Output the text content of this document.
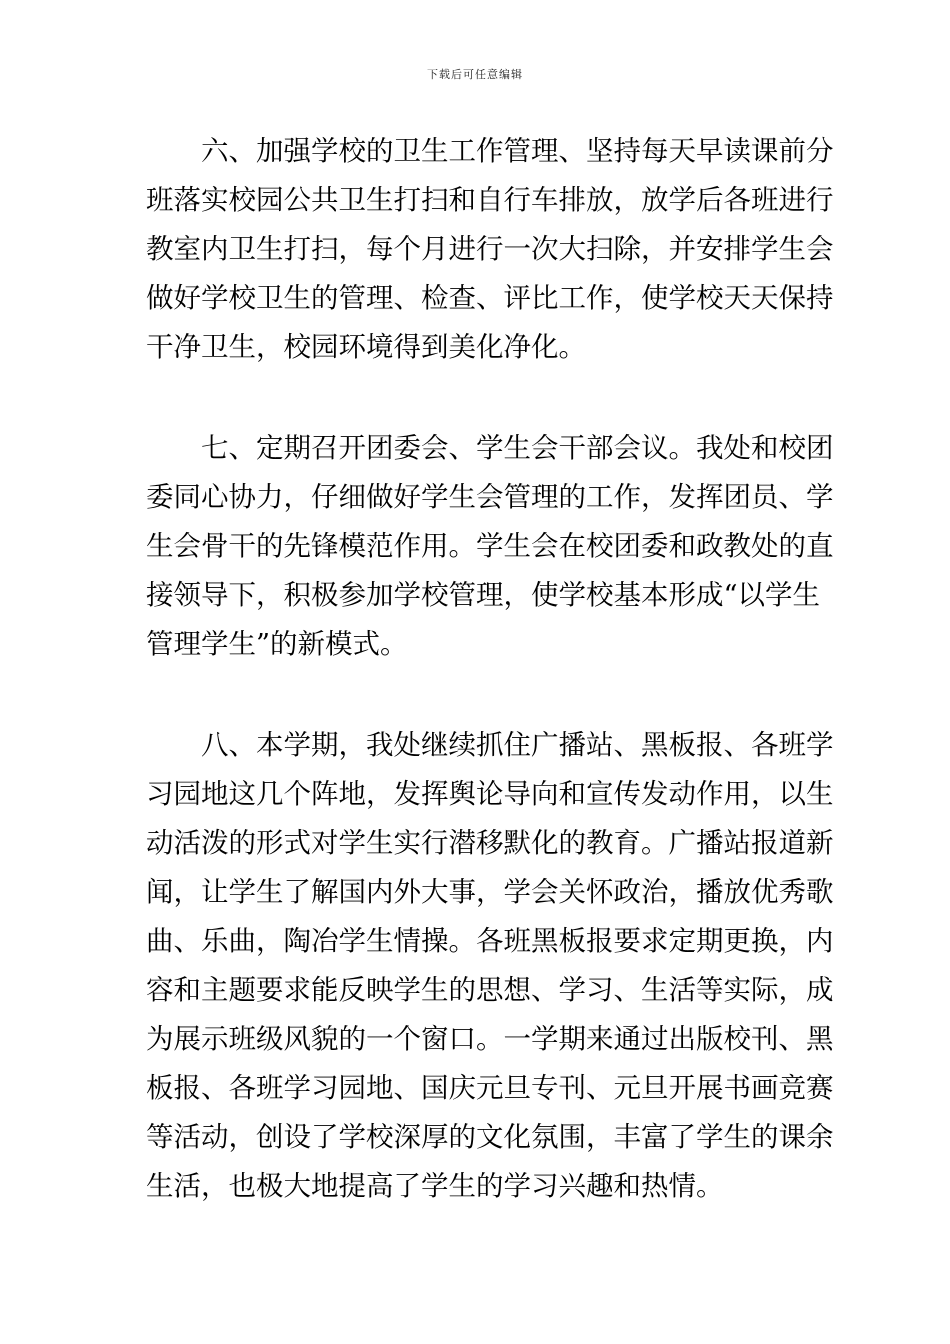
下载后可任意编辑
六、加强学校的卫生工作管理、坚持每天早读课前分
班落实校园公共卫生打扫和自行车排放，放学后各班进行
教室内卫生打扫，每个月进行一次大扫除，并安排学生会
做好学校卫生的管理、检查、评比工作，使学校天天保持
干净卫生，校园环境得到美化净化。
七、定期召开团委会、学生会干部会议。我处和校团
委同心协力，仔细做好学生会管理的工作，发挥团员、学
生会骨干的先锋模范作用。学生会在校团委和政教处的直
接领导下，积极参加学校管理，使学校基本形成“以学生
管理学生”的新模式。
八、本学期，我处继续抓住广播站、黑板报、各班学
习园地这几个阵地，发挥舆论导向和宣传发动作用，以生
动活泼的形式对学生实行潜移默化的教育。广播站报道新
闻，让学生了解国内外大事，学会关怀政治，播放优秀歌
曲、乐曲，陶冶学生情操。各班黑板报要求定期更换，内
容和主题要求能反映学生的思想、学习、生活等实际，成
为展示班级风貌的一个窗口。一学期来通过出版校刊、黑
板报、各班学习园地、国庆元旦专刊、元旦开展书画竞赛
等活动，创设了学校深厚的文化氛围，丰富了学生的课余
生活，也极大地提高了学生的学习兴趣和热情。
